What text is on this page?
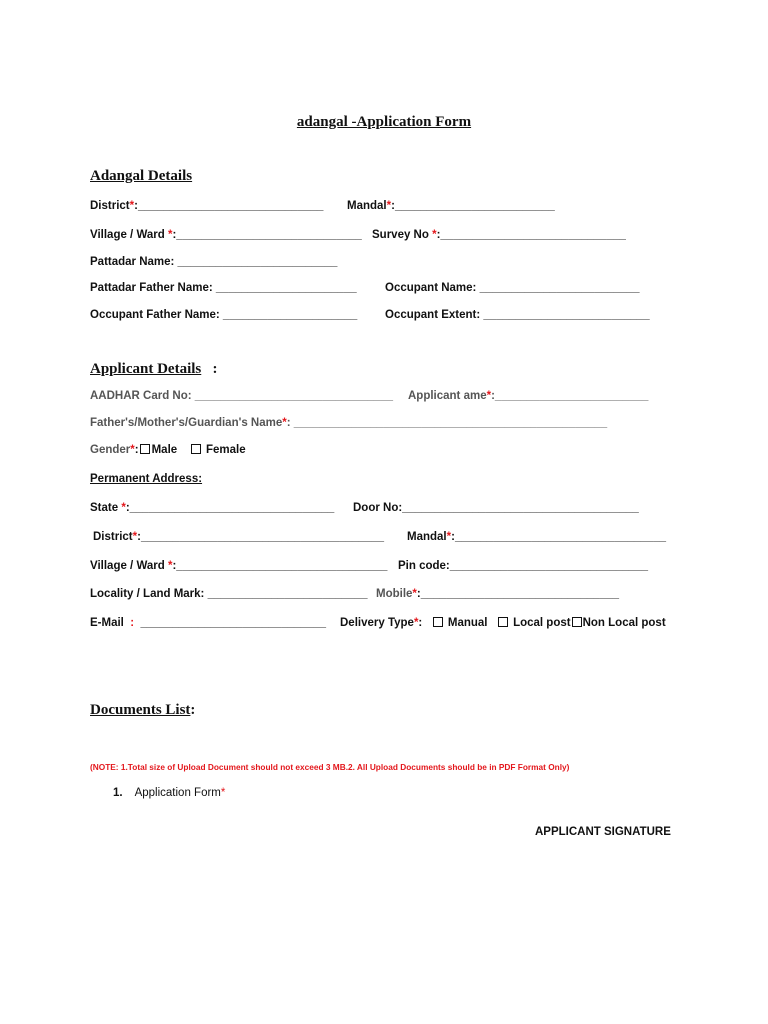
adangal -Application Form
Adangal Details
District*:_____________________________ Mandal*:_________________________
Village / Ward *:_____________________________ Survey No *:_____________________________
Pattadar Name: _________________________
Pattadar Father Name: ______________________ Occupant Name: _________________________
Occupant Father Name: _____________________ Occupant Extent: __________________________
Applicant Details :
AADHAR Card No: _______________________________ Applicant ame*:________________________
Father's/Mother's/Guardian's Name*: _________________________________________________
Gender*: Male	Female
Permanent Address:
State *:________________________________ Door No:_____________________________________
District*:______________________________________ Mandal*:_________________________________
Village / Ward *:_________________________________ Pin code:_______________________________
Locality / Land Mark: _________________________ Mobile*:_______________________________
E-Mail : _____________________________ Delivery Type*: Manual Local post Non Local post
Documents List:
(NOTE: 1.Total size of Upload Document should not exceed 3 MB.2. All Upload Documents should be in PDF Format Only)
1. Application Form*
APPLICANT SIGNATURE
